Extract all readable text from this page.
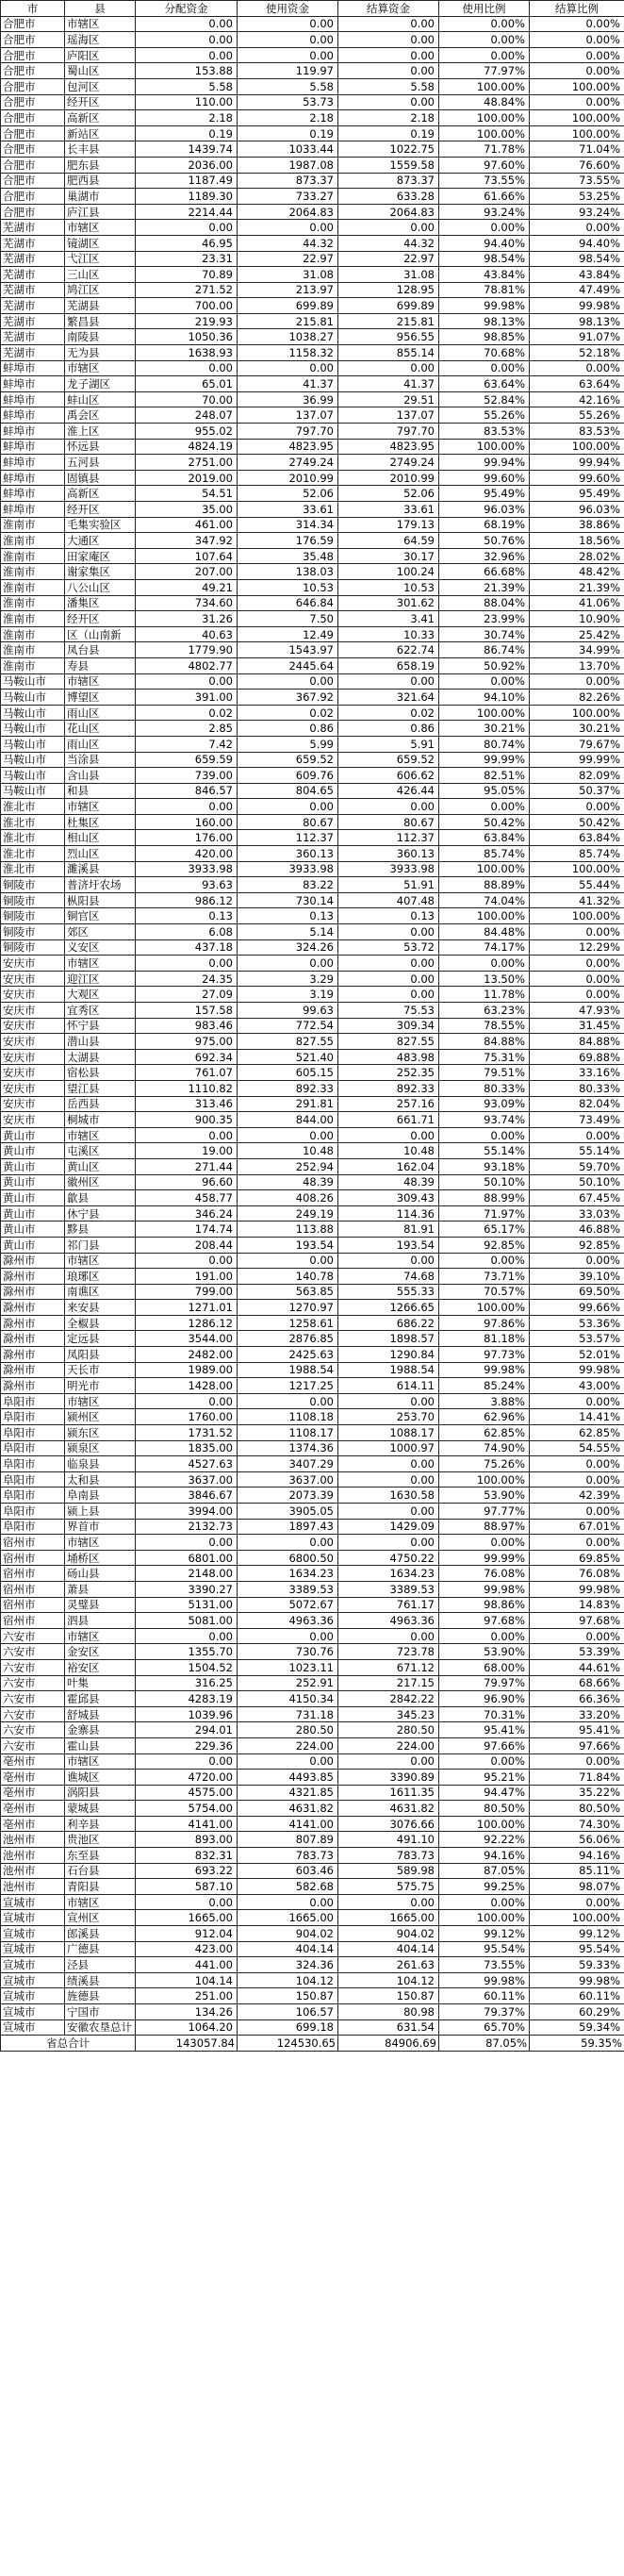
市	县	分配资金	使用资金	结算资金	使用比例	结算比例
合肥市	市辖区	0.00	0.00	0.00	0.00%	0.00%
合肥市	瑶海区	0.00	0.00	0.00	0.00%	0.00%
合肥市	庐阳区	0.00	0.00	0.00	0.00%	0.00%
合肥市	蜀山区	153.88	119.97	0.00	77.97%	0.00%
合肥市	包河区	5.58	5.58	5.58	100.00%	100.00%
合肥市	经开区	110.00	53.73	0.00	48.84%	0.00%
合肥市	高新区	2.18	2.18	2.18	100.00%	100.00%
合肥市	新站区	0.19	0.19	0.19	100.00%	100.00%
合肥市	长丰县	1439.74	1033.44	1022.75	71.78%	71.04%
合肥市	肥东县	2036.00	1987.08	1559.58	97.60%	76.60%
合肥市	肥西县	1187.49	873.37	873.37	73.55%	73.55%
合肥市	巢湖市	1189.30	733.27	633.28	61.66%	53.25%
合肥市	庐江县	2214.44	2064.83	2064.83	93.24%	93.24%
芜湖市	市辖区	0.00	0.00	0.00	0.00%	0.00%
芜湖市	镜湖区	46.95	44.32	44.32	94.40%	94.40%
芜湖市	弋江区	23.31	22.97	22.97	98.54%	98.54%
芜湖市	三山区	70.89	31.08	31.08	43.84%	43.84%
芜湖市	鸠江区	271.52	213.97	128.95	78.81%	47.49%
芜湖市	芜湖县	700.00	699.89	699.89	99.98%	99.98%
芜湖市	繁昌县	219.93	215.81	215.81	98.13%	98.13%
芜湖市	南陵县	1050.36	1038.27	956.55	98.85%	91.07%
芜湖市	无为县	1638.93	1158.32	855.14	70.68%	52.18%
蚌埠市	市辖区	0.00	0.00	0.00	0.00%	0.00%
蚌埠市	龙子湖区	65.01	41.37	41.37	63.64%	63.64%
蚌埠市	蚌山区	70.00	36.99	29.51	52.84%	42.16%
蚌埠市	禹会区	248.07	137.07	137.07	55.26%	55.26%
蚌埠市	淮上区	955.02	797.70	797.70	83.53%	83.53%
蚌埠市	怀远县	4824.19	4823.95	4823.95	100.00%	100.00%
蚌埠市	五河县	2751.00	2749.24	2749.24	99.94%	99.94%
蚌埠市	固镇县	2019.00	2010.99	2010.99	99.60%	99.60%
蚌埠市	高新区	54.51	52.06	52.06	95.49%	95.49%
蚌埠市	经开区	35.00	33.61	33.61	96.03%	96.03%
淮南市	毛集实验区	461.00	314.34	179.13	68.19%	38.86%
淮南市	大通区	347.92	176.59	64.59	50.76%	18.56%
淮南市	田家庵区	107.64	35.48	30.17	32.96%	28.02%
淮南市	谢家集区	207.00	138.03	100.24	66.68%	48.42%
淮南市	八公山区	49.21	10.53	10.53	21.39%	21.39%
淮南市	潘集区	734.60	646.84	301.62	88.04%	41.06%
淮南市	经开区	31.26	7.50	3.41	23.99%	10.90%
淮南市	区（山南新	40.63	12.49	10.33	30.74%	25.42%
淮南市	凤台县	1779.90	1543.97	622.74	86.74%	34.99%
淮南市	寿县	4802.77	2445.64	658.19	50.92%	13.70%
马鞍山市	市辖区	0.00	0.00	0.00	0.00%	0.00%
马鞍山市	博望区	391.00	367.92	321.64	94.10%	82.26%
马鞍山市	雨山区	0.02	0.02	0.02	100.00%	100.00%
马鞍山市	花山区	2.85	0.86	0.86	30.21%	30.21%
马鞍山市	雨山区	7.42	5.99	5.91	80.74%	79.67%
马鞍山市	当涂县	659.59	659.52	659.52	99.99%	99.99%
马鞍山市	含山县	739.00	609.76	606.62	82.51%	82.09%
马鞍山市	和县	846.57	804.65	426.44	95.05%	50.37%
淮北市	市辖区	0.00	0.00	0.00	0.00%	0.00%
淮北市	杜集区	160.00	80.67	80.67	50.42%	50.42%
淮北市	相山区	176.00	112.37	112.37	63.84%	63.84%
淮北市	烈山区	420.00	360.13	360.13	85.74%	85.74%
淮北市	濉溪县	3933.98	3933.98	3933.98	100.00%	100.00%
铜陵市	普济圩农场	93.63	83.22	51.91	88.89%	55.44%
铜陵市	枞阳县	986.12	730.14	407.48	74.04%	41.32%
铜陵市	铜官区	0.13	0.13	0.13	100.00%	100.00%
铜陵市	郊区	6.08	5.14	0.00	84.48%	0.00%
铜陵市	义安区	437.18	324.26	53.72	74.17%	12.29%
安庆市	市辖区	0.00	0.00	0.00	0.00%	0.00%
安庆市	迎江区	24.35	3.29	0.00	13.50%	0.00%
安庆市	大观区	27.09	3.19	0.00	11.78%	0.00%
安庆市	宜秀区	157.58	99.63	75.53	63.23%	47.93%
安庆市	怀宁县	983.46	772.54	309.34	78.55%	31.45%
安庆市	潜山县	975.00	827.55	827.55	84.88%	84.88%
安庆市	太湖县	692.34	521.40	483.98	75.31%	69.88%
安庆市	宿松县	761.07	605.15	252.35	79.51%	33.16%
安庆市	望江县	1110.82	892.33	892.33	80.33%	80.33%
安庆市	岳西县	313.46	291.81	257.16	93.09%	82.04%
安庆市	桐城市	900.35	844.00	661.71	93.74%	73.49%
黄山市	市辖区	0.00	0.00	0.00	0.00%	0.00%
黄山市	屯溪区	19.00	10.48	10.48	55.14%	55.14%
黄山市	黄山区	271.44	252.94	162.04	93.18%	59.70%
黄山市	徽州区	96.60	48.39	48.39	50.10%	50.10%
黄山市	歙县	458.77	408.26	309.43	88.99%	67.45%
黄山市	休宁县	346.24	249.19	114.36	71.97%	33.03%
黄山市	黟县	174.74	113.88	81.91	65.17%	46.88%
黄山市	祁门县	208.44	193.54	193.54	92.85%	92.85%
滁州市	市辖区	0.00	0.00	0.00	0.00%	0.00%
滁州市	琅琊区	191.00	140.78	74.68	73.71%	39.10%
滁州市	南谯区	799.00	563.85	555.33	70.57%	69.50%
滁州市	来安县	1271.01	1270.97	1266.65	100.00%	99.66%
滁州市	全椒县	1286.12	1258.61	686.22	97.86%	53.36%
滁州市	定远县	3544.00	2876.85	1898.57	81.18%	53.57%
滁州市	凤阳县	2482.00	2425.63	1290.84	97.73%	52.01%
滁州市	天长市	1989.00	1988.54	1988.54	99.98%	99.98%
滁州市	明光市	1428.00	1217.25	614.11	85.24%	43.00%
阜阳市	市辖区	0.00	0.00	0.00	3.88%	0.00%
阜阳市	颍州区	1760.00	1108.18	253.70	62.96%	14.41%
阜阳市	颍东区	1731.52	1108.17	1088.17	62.85%	62.85%
阜阳市	颍泉区	1835.00	1374.36	1000.97	74.90%	54.55%
阜阳市	临泉县	4527.63	3407.29	0.00	75.26%	0.00%
阜阳市	太和县	3637.00	3637.00	0.00	100.00%	0.00%
阜阳市	阜南县	3846.67	2073.39	1630.58	53.90%	42.39%
阜阳市	颍上县	3994.00	3905.05	0.00	97.77%	0.00%
阜阳市	界首市	2132.73	1897.43	1429.09	88.97%	67.01%
宿州市	市辖区	0.00	0.00	0.00	0.00%	0.00%
宿州市	埇桥区	6801.00	6800.50	4750.22	99.99%	69.85%
宿州市	砀山县	2148.00	1634.23	1634.23	76.08%	76.08%
宿州市	萧县	3390.27	3389.53	3389.53	99.98%	99.98%
宿州市	灵璧县	5131.00	5072.67	761.17	98.86%	14.83%
宿州市	泗县	5081.00	4963.36	4963.36	97.68%	97.68%
六安市	市辖区	0.00	0.00	0.00	0.00%	0.00%
六安市	金安区	1355.70	730.76	723.78	53.90%	53.39%
六安市	裕安区	1504.52	1023.11	671.12	68.00%	44.61%
六安市	叶集	316.25	252.91	217.15	79.97%	68.66%
六安市	霍邱县	4283.19	4150.34	2842.22	96.90%	66.36%
六安市	舒城县	1039.96	731.18	345.23	70.31%	33.20%
六安市	金寨县	294.01	280.50	280.50	95.41%	95.41%
六安市	霍山县	229.36	224.00	224.00	97.66%	97.66%
亳州市	市辖区	0.00	0.00	0.00	0.00%	0.00%
亳州市	谯城区	4720.00	4493.85	3390.89	95.21%	71.84%
亳州市	涡阳县	4575.00	4321.85	1611.35	94.47%	35.22%
亳州市	蒙城县	5754.00	4631.82	4631.82	80.50%	80.50%
亳州市	利辛县	4141.00	4141.00	3076.66	100.00%	74.30%
池州市	贵池区	893.00	807.89	491.10	92.22%	56.06%
池州市	东至县	832.31	783.73	783.73	94.16%	94.16%
池州市	石台县	693.22	603.46	589.98	87.05%	85.11%
池州市	青阳县	587.10	582.68	575.75	99.25%	98.07%
宣城市	市辖区	0.00	0.00	0.00	0.00%	0.00%
宣城市	宣州区	1665.00	1665.00	1665.00	100.00%	100.00%
宣城市	郎溪县	912.04	904.02	904.02	99.12%	99.12%
宣城市	广德县	423.00	404.14	404.14	95.54%	95.54%
宣城市	泾县	441.00	324.36	261.63	73.55%	59.33%
宣城市	绩溪县	104.14	104.12	104.12	99.98%	99.98%
宣城市	旌德县	251.00	150.87	150.87	60.11%	60.11%
宣城市	宁国市	134.26	106.57	80.98	79.37%	60.29%
宣城市	安徽农垦总计	1064.20	699.18	631.54	65.70%	59.34%
省总合计		143057.84	124530.65	84906.69	87.05%	59.35%
